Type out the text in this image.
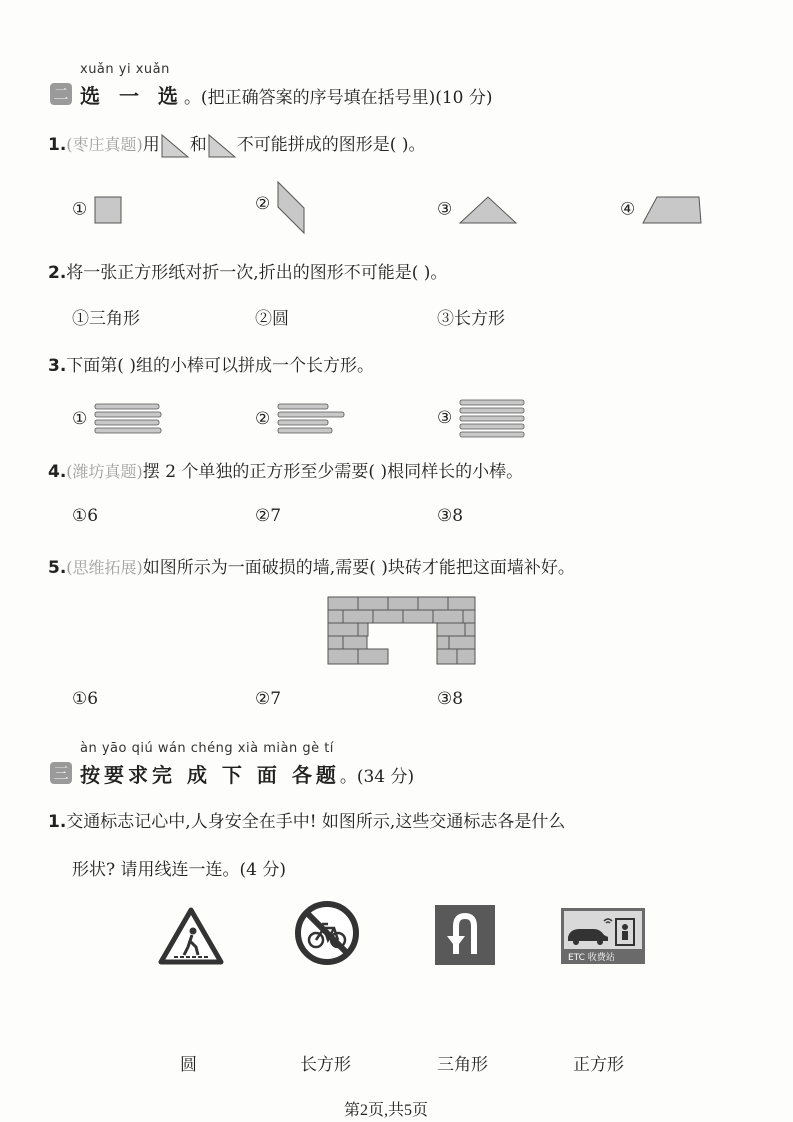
xuǎn yi xuǎn
二 选 一 选。(把正确答案的序号填在括号里)(10 分)
1.(枣庄真题)用 和 不可能拼成的图形是( )。
①	②	③	④
2.将一张正方形纸对折一次,折出的图形不可能是( )。
①三角形	②圆	③长方形
3.下面第( )组的小棒可以拼成一个长方形。
①	②	③
4.(潍坊真题)摆 2 个单独的正方形至少需要( )根同样长的小棒。
①6	②7	③8
5.(思维拓展)如图所示为一面破损的墙,需要( )块砖才能把这面墙补好。
①6	②7	③8
àn yāo qiú wán chéng xià miàn gè tí
三 按要求完 成 下 面 各题。(34 分)
1.交通标志记心中,人身安全在手中! 如图所示,这些交通标志各是什么
形状? 请用线连一连。(4 分)
ETC 收费站
圆	长方形	三角形	正方形
第2页,共5页
